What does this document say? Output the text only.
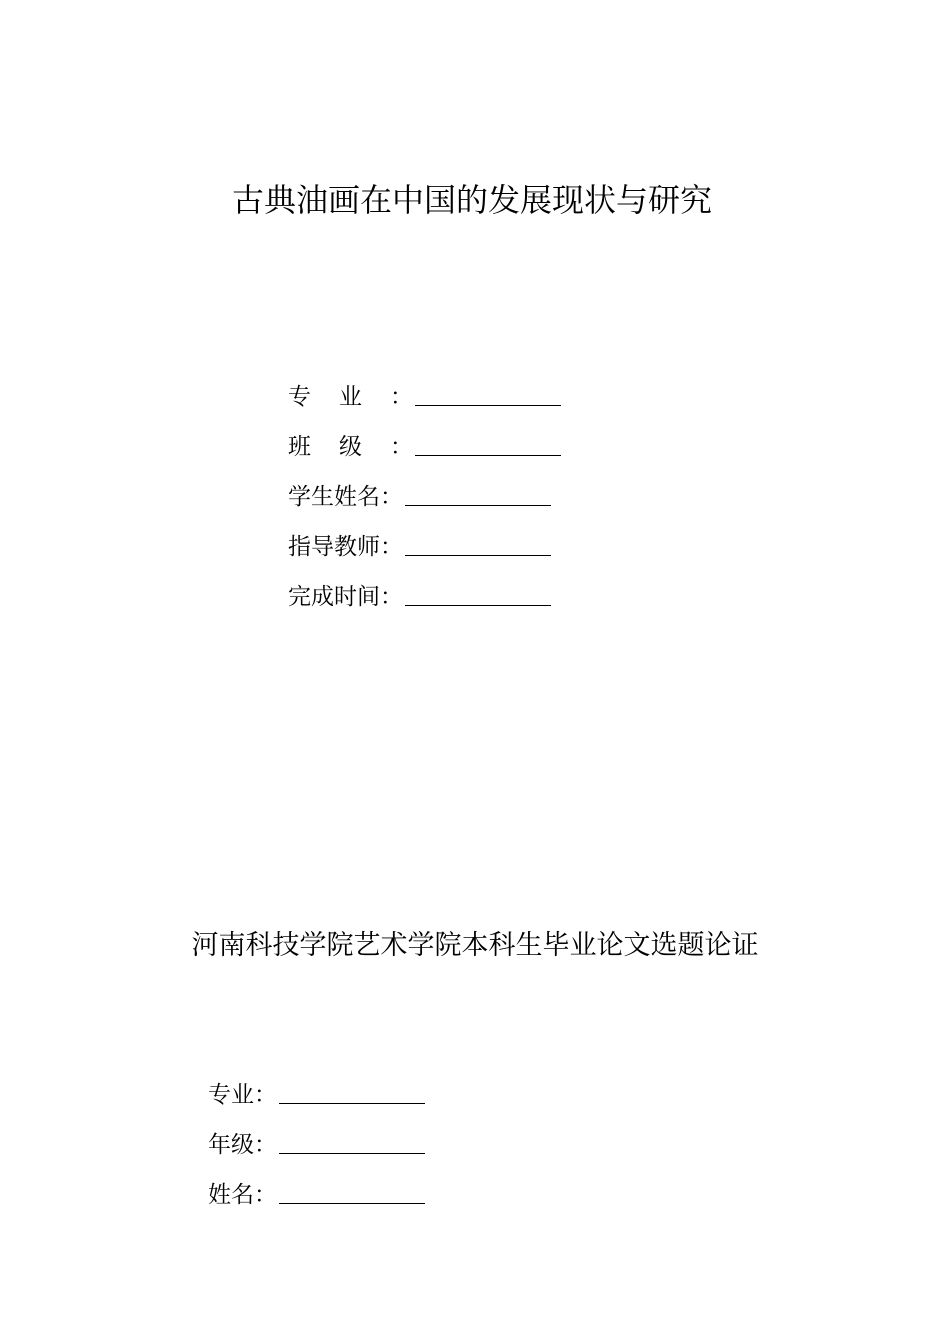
古典油画在中国的发展现状与研究
专业 ：
班级 ：
学生姓名 ：
指导教师 ：
完成时间 ：
河南科技学院艺术学院本科生毕业论文选题论证
专业 ：
年级 ：
姓名 ：
